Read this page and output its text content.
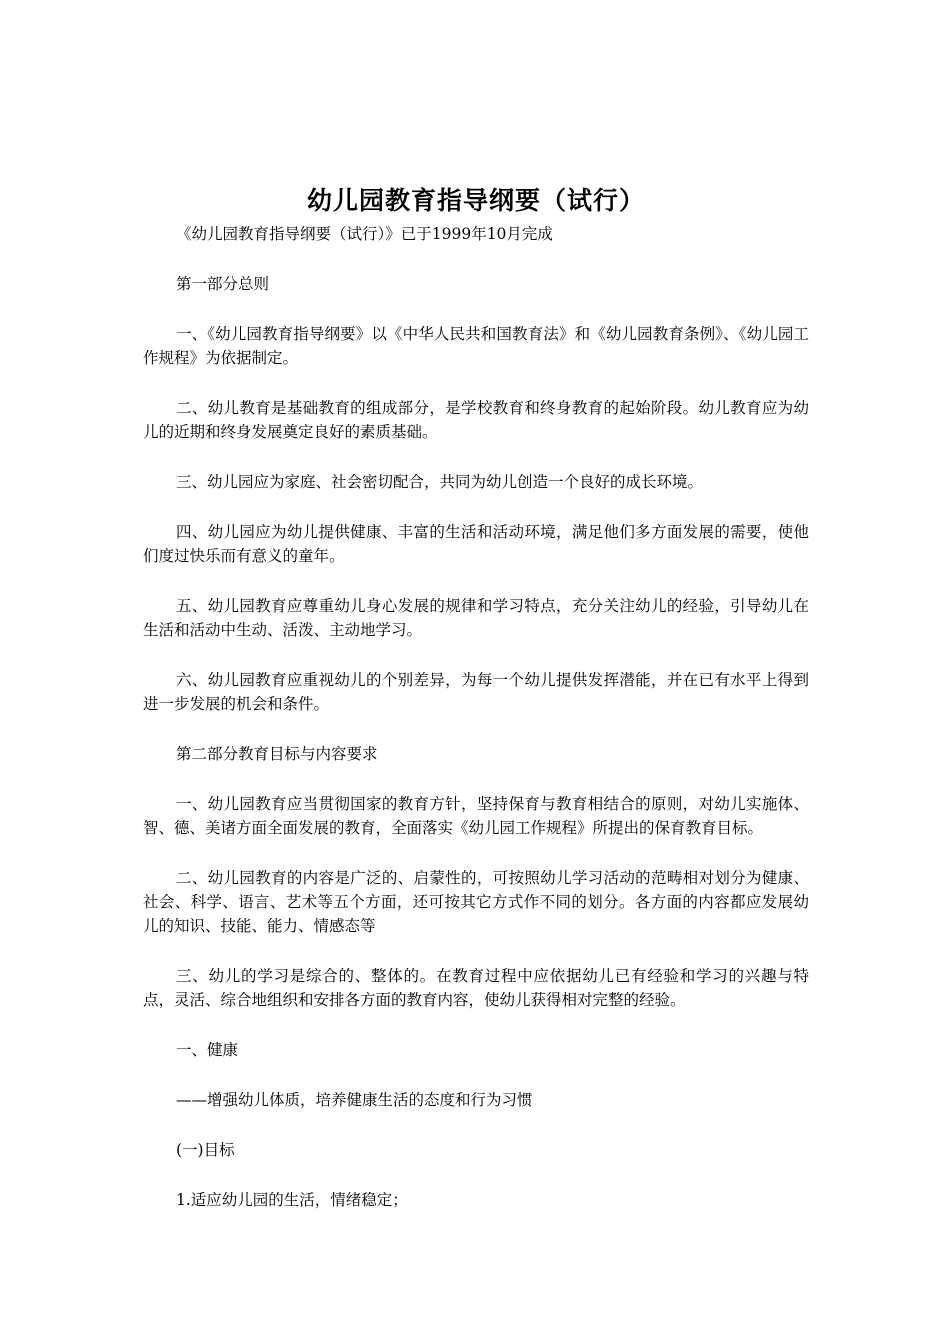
幼儿园教育指导纲要（试行）

《幼儿园教育指导纲要（试行）》已于1999年10月完成

第一部分总则

一、《幼儿园教育指导纲要》以《中华人民共和国教育法》和《幼儿园教育条例》、《幼儿园工作规程》为依据制定。

二、幼儿教育是基础教育的组成部分，是学校教育和终身教育的起始阶段。幼儿教育应为幼儿的近期和终身发展奠定良好的素质基础。

三、幼儿园应为家庭、社会密切配合，共同为幼儿创造一个良好的成长环境。

四、幼儿园应为幼儿提供健康、丰富的生活和活动环境，满足他们多方面发展的需要，使他们度过快乐而有意义的童年。

五、幼儿园教育应尊重幼儿身心发展的规律和学习特点，充分关注幼儿的经验，引导幼儿在生活和活动中生动、活泼、主动地学习。

六、幼儿园教育应重视幼儿的个别差异，为每一个幼儿提供发挥潜能，并在已有水平上得到进一步发展的机会和条件。

第二部分教育目标与内容要求

一、幼儿园教育应当贯彻国家的教育方针，坚持保育与教育相结合的原则，对幼儿实施体、智、德、美诸方面全面发展的教育，全面落实《幼儿园工作规程》所提出的保育教育目标。

二、幼儿园教育的内容是广泛的、启蒙性的，可按照幼儿学习活动的范畴相对划分为健康、社会、科学、语言、艺术等五个方面，还可按其它方式作不同的划分。各方面的内容都应发展幼儿的知识、技能、能力、情感态等

三、幼儿的学习是综合的、整体的。在教育过程中应依据幼儿已有经验和学习的兴趣与特点，灵活、综合地组织和安排各方面的教育内容，使幼儿获得相对完整的经验。

一、健康

——增强幼儿体质，培养健康生活的态度和行为习惯

(一)目标

1.适应幼儿园的生活，情绪稳定；
